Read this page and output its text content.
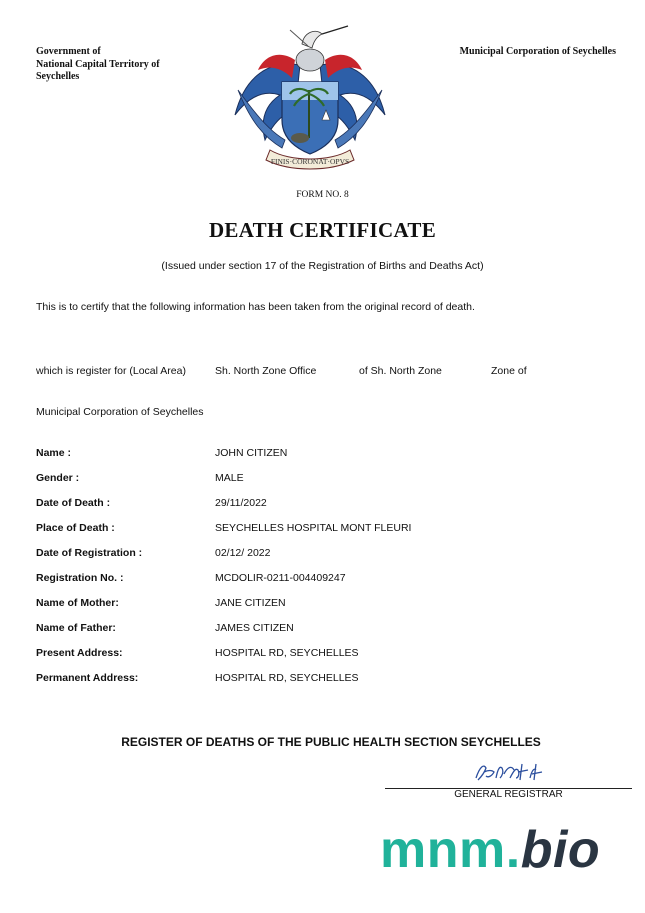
Government of
National Capital Territory of
Seychelles
Municipal Corporation of Seychelles
FINIS·CORONAT·OPVS
FORM NO. 8
DEATH CERTIFICATE
(Issued under section 17 of the Registration of Births and Deaths Act)
This is to certify that the following information has been taken from the original record of death.
which is register for (Local Area)	Sh. North Zone Office	of Sh. North Zone	Zone of
Municipal Corporation of Seychelles
Name :	JOHN CITIZEN
Gender :	MALE
Date of Death :	29/11/2022
Place of Death :	SEYCHELLES HOSPITAL MONT FLEURI
Date of Registration :	02/12/ 2022
Registration No. :	MCDOLIR-0211-004409247
Name of Mother:	JANE CITIZEN
Name of Father:	JAMES CITIZEN
Present Address:	HOSPITAL RD, SEYCHELLES
Permanent Address:	HOSPITAL RD, SEYCHELLES
REGISTER OF DEATHS OF THE PUBLIC HEALTH SECTION SEYCHELLES
GENERAL REGISTRAR
mnm.bio
